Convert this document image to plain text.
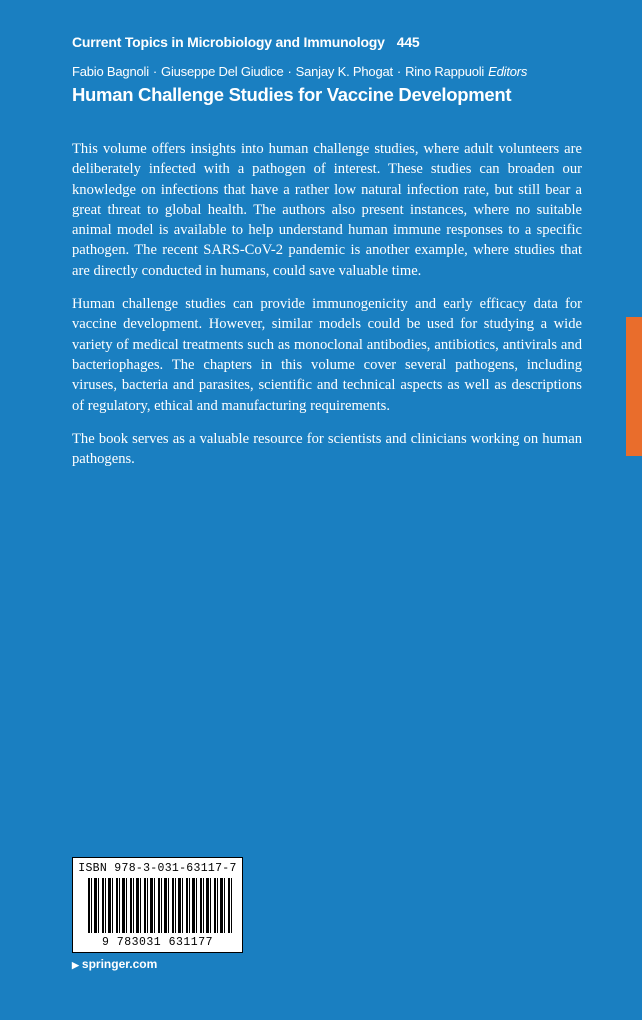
Current Topics in Microbiology and Immunology 445
Fabio Bagnoli · Giuseppe Del Giudice · Sanjay K. Phogat · Rino Rappuoli Editors
Human Challenge Studies for Vaccine Development

This volume offers insights into human challenge studies, where adult volunteers are deliberately infected with a pathogen of interest. These studies can broaden our knowledge on infections that have a rather low natural infection rate, but still bear a great threat to global health. The authors also present instances, where no suitable animal model is available to help understand human immune responses to a specific pathogen. The recent SARS-CoV-2 pandemic is another example, where studies that are directly conducted in humans, could save valuable time.

Human challenge studies can provide immunogenicity and early efficacy data for vaccine development. However, similar models could be used for studying a wide variety of medical treatments such as monoclonal antibodies, antibiotics, antivirals and bacteriophages. The chapters in this volume cover several pathogens, including viruses, bacteria and parasites, scientific and technical aspects as well as descriptions of regulatory, ethical and manufacturing requirements.

The book serves as a valuable resource for scientists and clinicians working on human pathogens.

ISBN 978-3-031-63117-7
9 783031 631177
▶ springer.com
